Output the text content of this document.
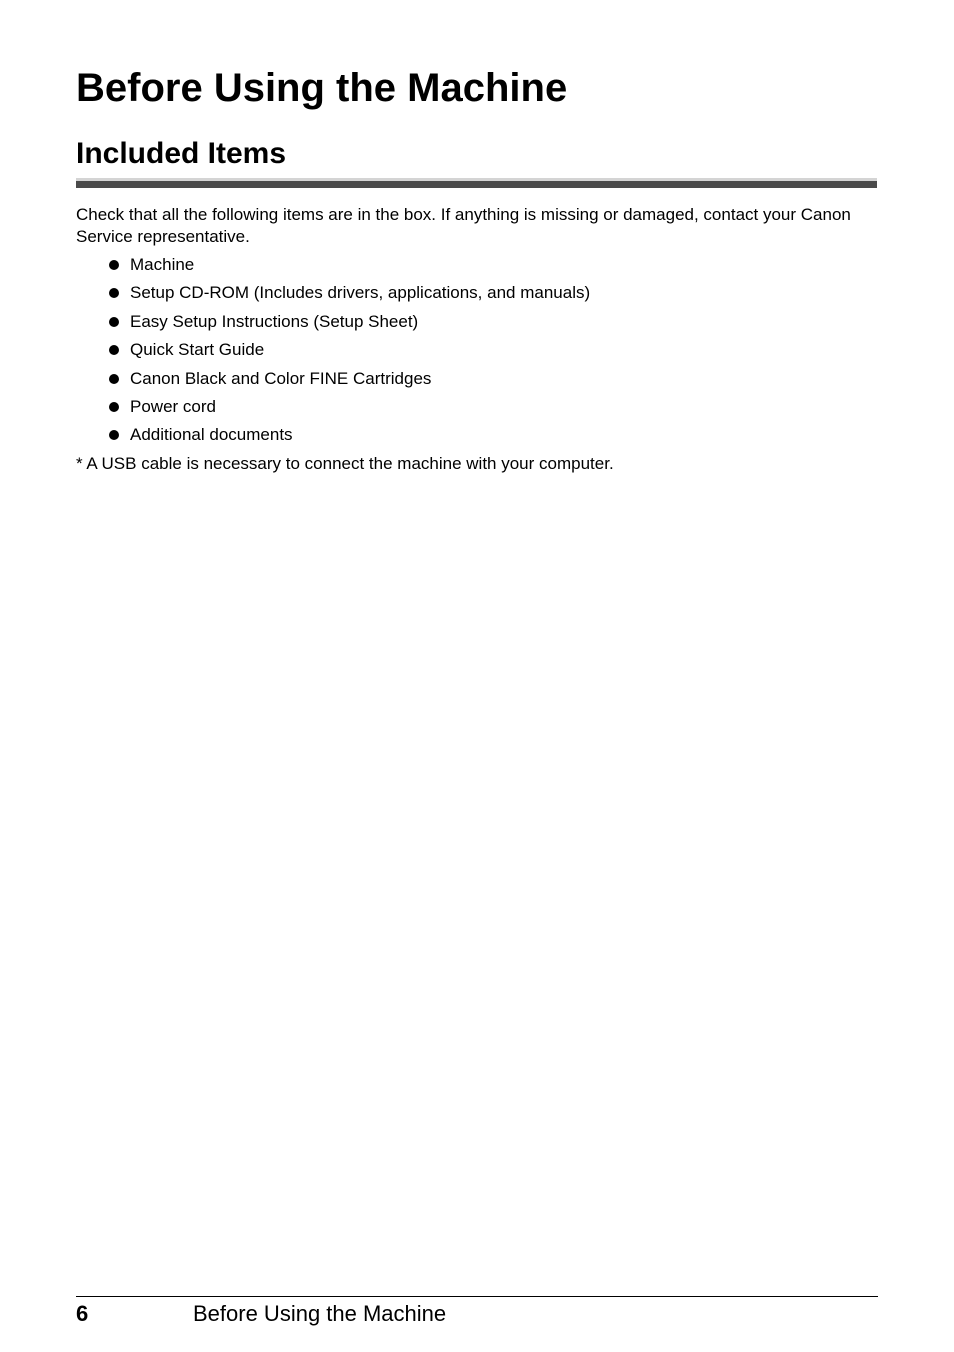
Before Using the Machine
Included Items

Check that all the following items are in the box. If anything is missing or damaged, contact your Canon Service representative.

Machine
Setup CD-ROM (Includes drivers, applications, and manuals)
Easy Setup Instructions (Setup Sheet)
Quick Start Guide
Canon Black and Color FINE Cartridges
Power cord
Additional documents

* A USB cable is necessary to connect the machine with your computer.

6	Before Using the Machine
